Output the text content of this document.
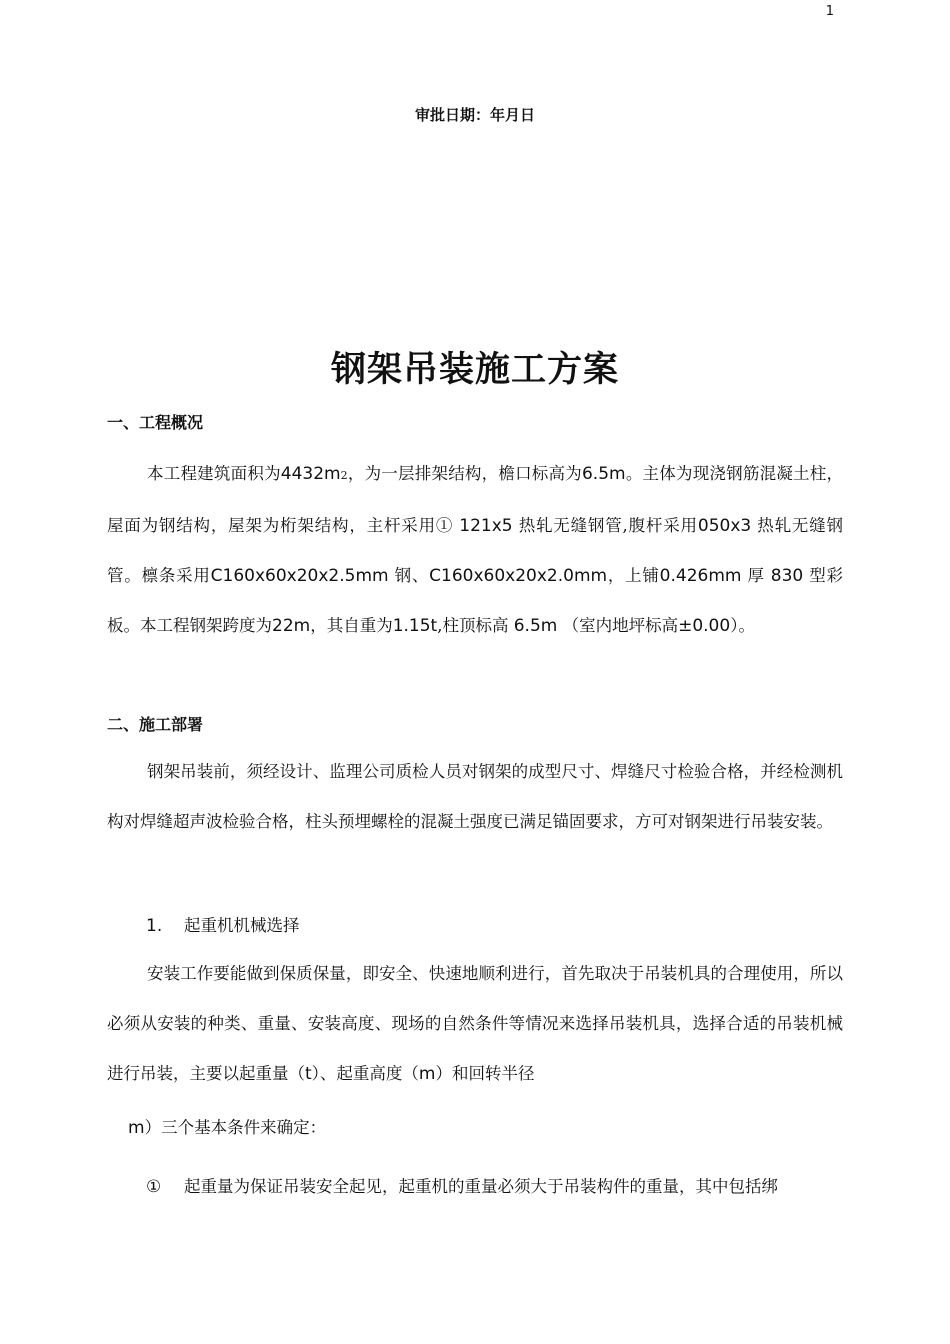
1
审批日期：年月日
钢架吊装施工方案
一、工程概况

本工程建筑面积为4432m2，为一层排架结构，檐口标高为6.5m。主体为现浇钢筋混凝土柱，屋面为钢结构，屋架为桁架结构，主杆采用① 121x5 热轧无缝钢管,腹杆采用050x3 热轧无缝钢管。檩条采用C160x60x20x2.5mm 钢、C160x60x20x2.0mm，上铺0.426mm 厚 830 型彩板。本工程钢架跨度为22m，其自重为1.15t,柱顶标高 6.5m （室内地坪标高±0.00）。

二、施工部署

钢架吊装前，须经设计、监理公司质检人员对钢架的成型尺寸、焊缝尺寸检验合格，并经检测机构对焊缝超声波检验合格，柱头预埋螺栓的混凝土强度已满足锚固要求，方可对钢架进行吊装安装。

1. 起重机机械选择

安装工作要能做到保质保量，即安全、快速地顺利进行，首先取决于吊装机具的合理使用，所以必须从安装的种类、重量、安装高度、现场的自然条件等情况来选择吊装机具，选择合适的吊装机械进行吊装，主要以起重量（t）、起重高度（m）和回转半径

m）三个基本条件来确定：
① 起重量为保证吊装安全起见，起重机的重量必须大于吊装构件的重量，其中包括绑
